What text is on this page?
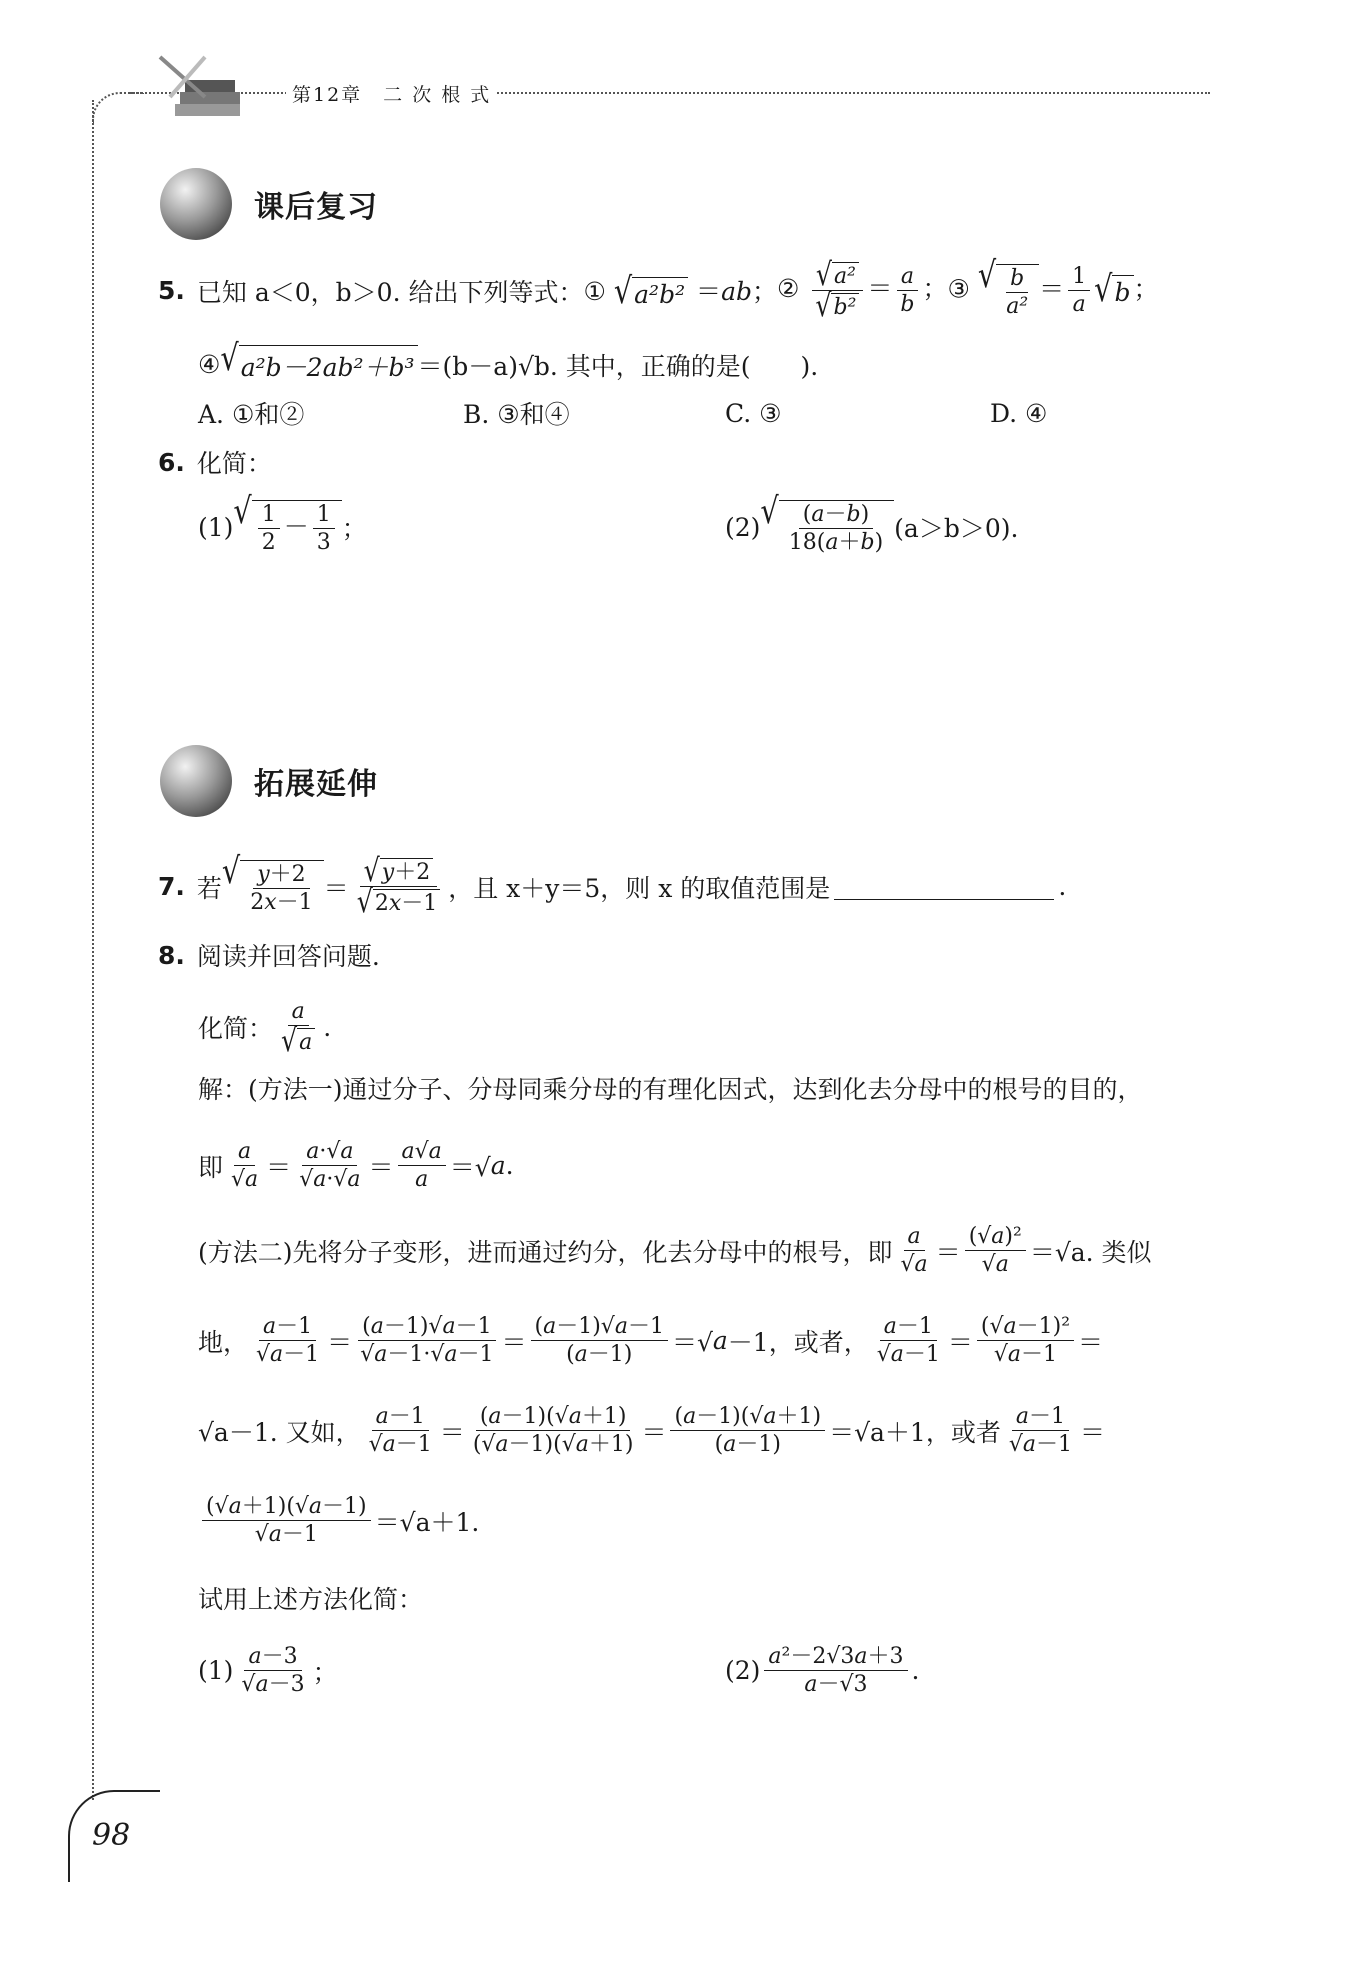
第12章　二 次 根 式
课后复习
5. 已知 a＜0，b＞0. 给出下列等式： ① √ a²b² ＝ab； ② $\frac{\text{√ a²}}{\text{√ b²}} = \frac{a}{b}$ ； ③ √ $\frac{b}{\text{a²}} = \frac{1}{a}$ √ b ；
④ √ a²b－2ab²＋b³ ＝(b－a)√b. 其中，正确的是(　　).
A. ①和②	B. ③和④	C. ③	D. ④
6. 化简：
(1) √ $\frac{1}{2} - \frac{1}{3}$ ；	(2) √ $\frac{(a-b)}{18(a+b)} (a>b>0)$.
拓展延伸
7. 若 √ $\frac{y+2}{2x-1} = \frac{√ y+2}{√ 2x-1}$ ，且 x＋y＝5，则 x 的取值范围是	.
8. 阅读并回答问题.
化简： $\frac{a}{√ a}$ .
解：(方法一)通过分子、分母同乘分母的有理化因式，达到化去分母中的根号的目的，
即 $\frac{a}{√a} = \frac{a\cdot√a}{√a\cdot√a} = \frac{a√a}{a}$ ＝√ a .
(方法二)先将分子变形，进而通过约分，化去分母中的根号，即 $\frac{a}{√a} = \frac{\text{(√a)²}}{√a} =√a$. 类似
地， $\frac{a-1}{√a-1} = \frac{(a-1)√a-1}{√a-1\cdot√a-1} = \frac{(a-1)√a-1}{(a-1)}$ ＝√ a －1 ，或者， $\frac{a-1}{√a-1} = \frac{\text{(√a－1)²}}{√a-1}$ ＝
√a－1. 又如， $\frac{a-1}{√a-1} = \frac{(a-1)(√a+1)}{(√a-1)(√a+1)} = \frac{(a-1)(√a+1)}{(a-1)} =√a+1$，或者 $\frac{a-1}{√a-1}$ ＝
$\frac{(√a+1)(√a-1)}{√a-1} =√a+1$.
试用上述方法化简：
$(1) \frac{a-3}{√a-3}$ ；	$(2) \frac{\text{a²－2√3a＋3}}{a-√3}$ .
98
